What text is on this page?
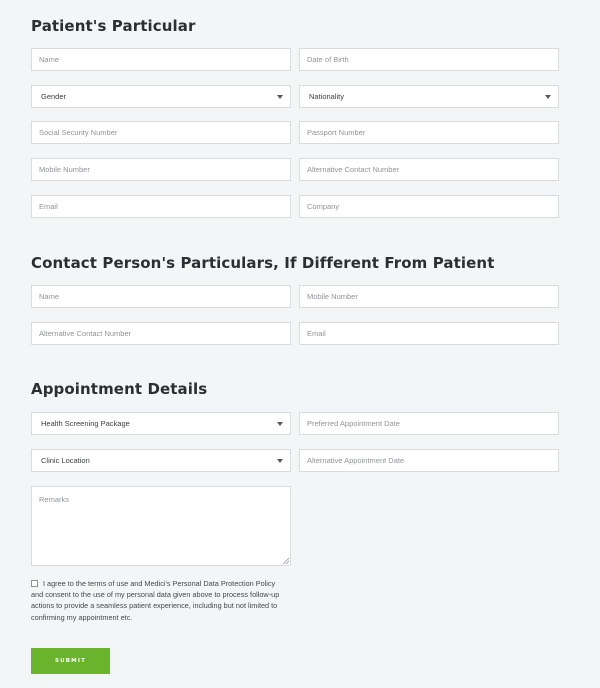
Patient's Particular
Name
Date of Birth
Gender	Nationality
Social Security Number
Passport Number
Mobile Number
Alternative Contact Number
Email
Company
Contact Person's Particulars, If Different From Patient
Name
Mobile Number
Alternative Contact Number
Email
Appointment Details
Health Screening Package
Preferred Appointment Date
Clinic Location
Alternative Appointment Date
Remarks
I agree to the terms of use and Medici's Personal Data Protection Policy and consent to the use of my personal data given above to process follow-up actions to provide a seamless patient experience, including but not limited to confirming my appointment etc.
SUBMIT
